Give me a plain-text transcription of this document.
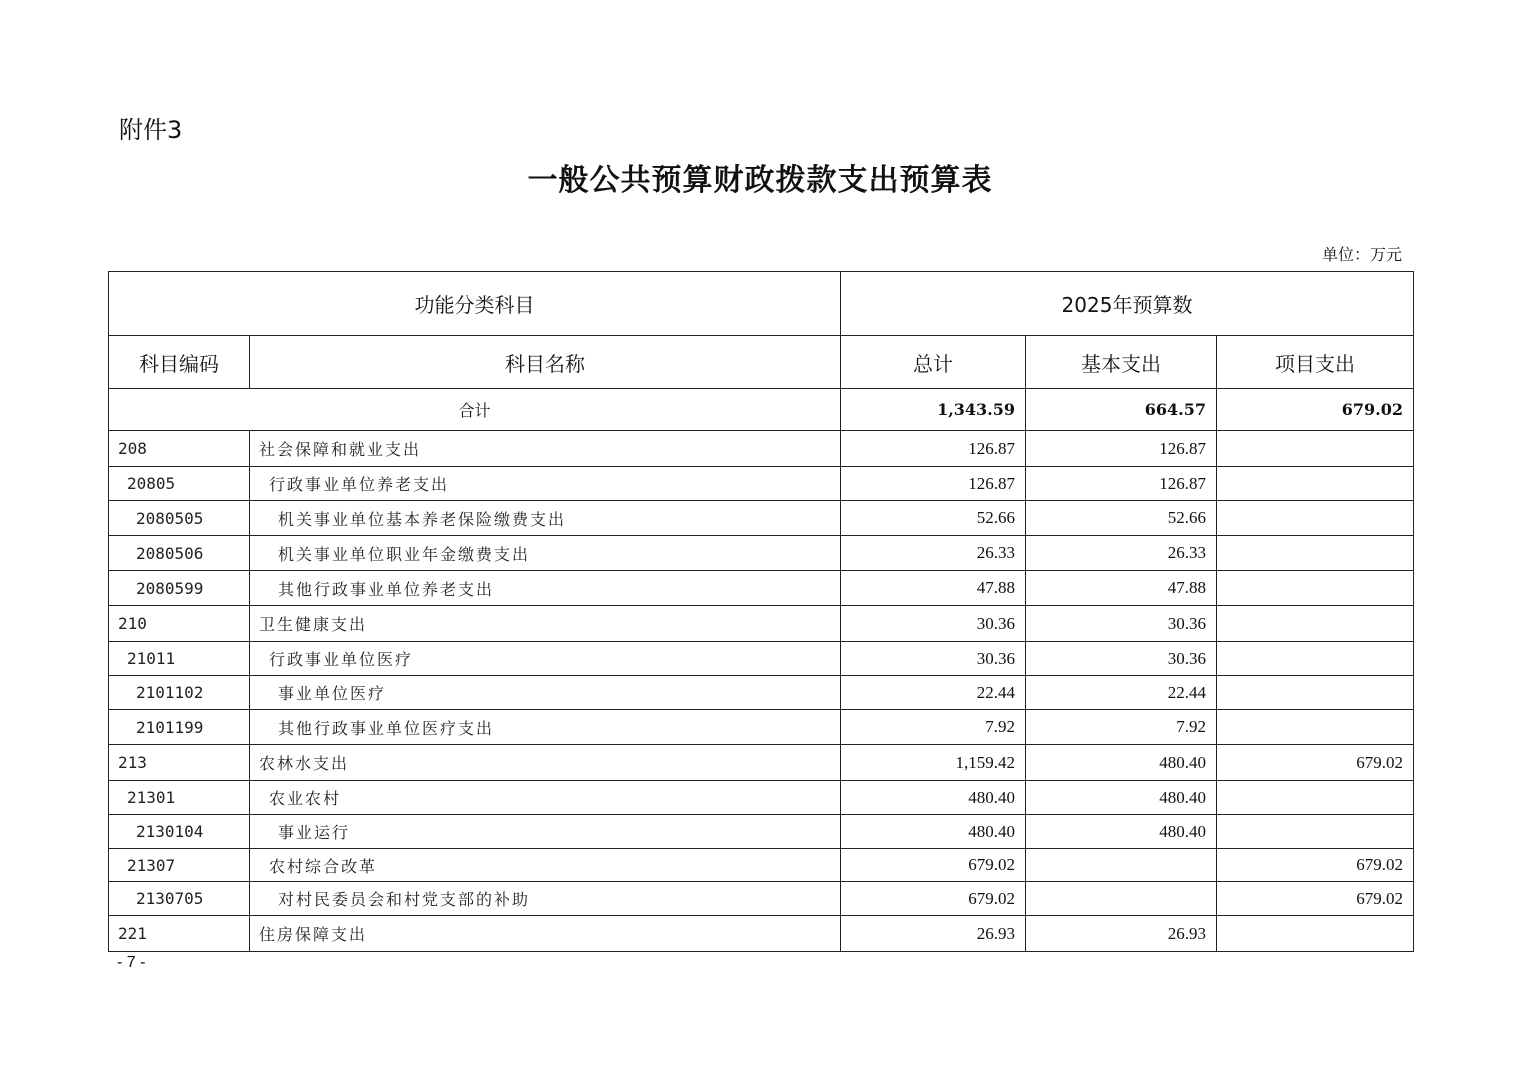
附件3
一般公共预算财政拨款支出预算表
单位：万元
功能分类科目		2025年预算数		
科目编码	科目名称	总计	基本支出	项目支出
合计		1,343.59	664.57	679.02
208	社会保障和就业支出	126.87	126.87	
20805	行政事业单位养老支出	126.87	126.87	
2080505	机关事业单位基本养老保险缴费支出	52.66	52.66	
2080506	机关事业单位职业年金缴费支出	26.33	26.33	
2080599	其他行政事业单位养老支出	47.88	47.88	
210	卫生健康支出	30.36	30.36	
21011	行政事业单位医疗	30.36	30.36	
2101102	事业单位医疗	22.44	22.44	
2101199	其他行政事业单位医疗支出	7.92	7.92	
213	农林水支出	1,159.42	480.40	679.02
21301	农业农村	480.40	480.40	
2130104	事业运行	480.40	480.40	
21307	农村综合改革	679.02		679.02
2130705	对村民委员会和村党支部的补助	679.02		679.02
221	住房保障支出	26.93	26.93	
- 7 -
